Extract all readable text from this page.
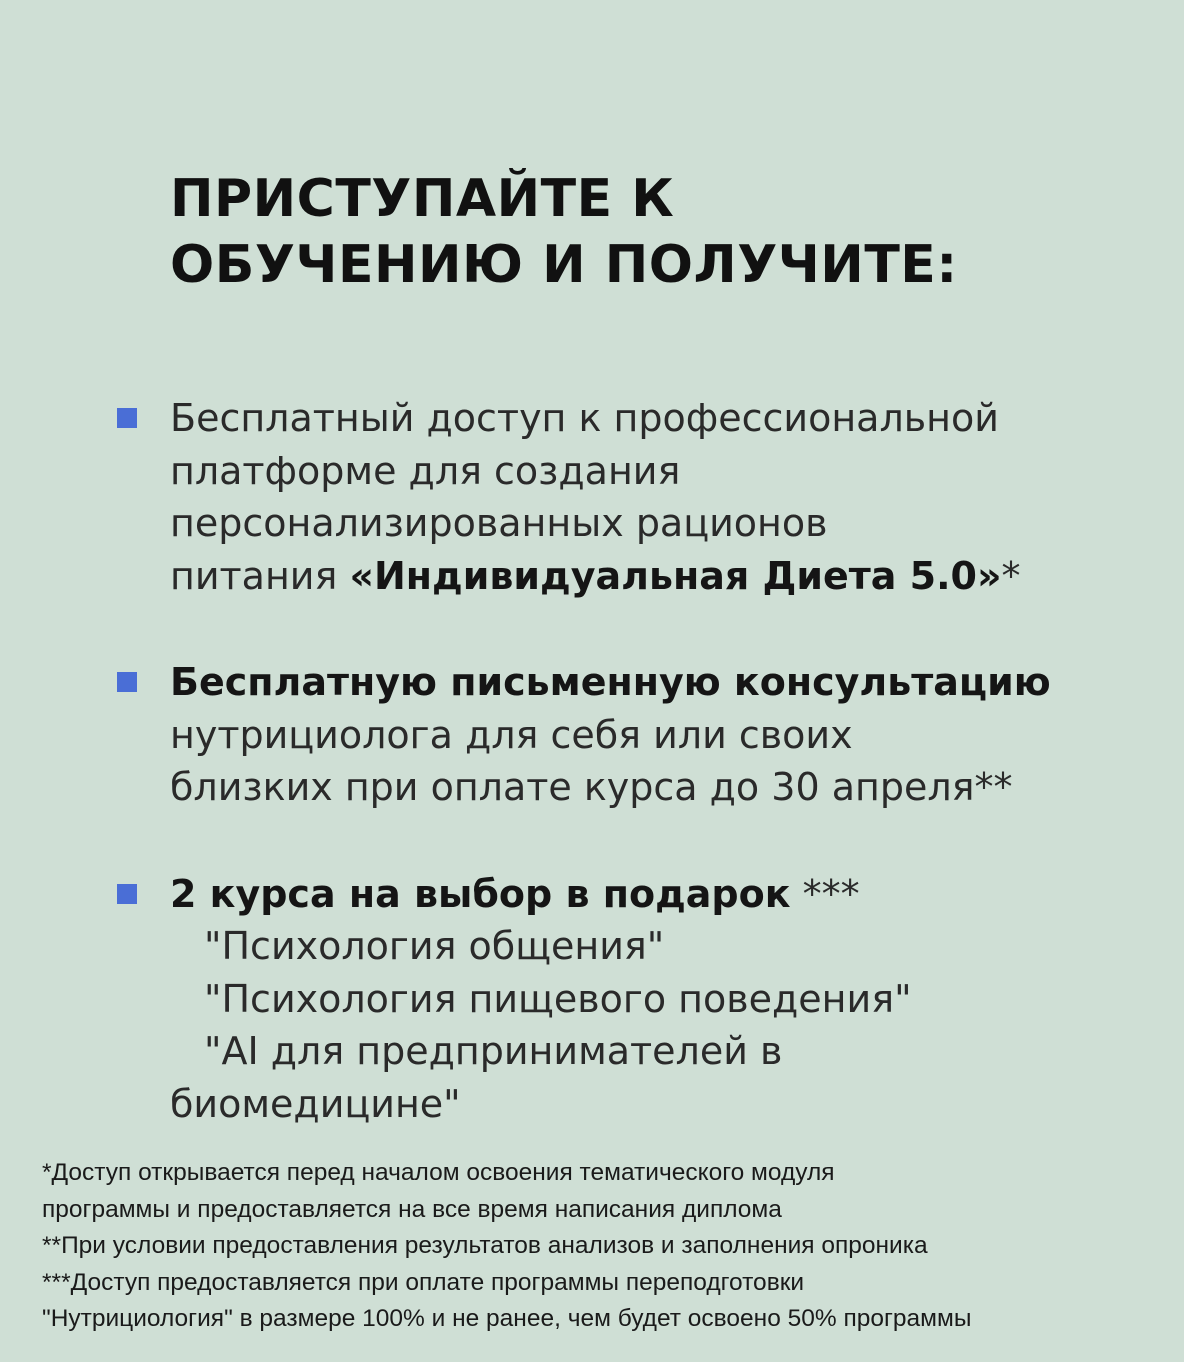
ПРИСТУПАЙТЕ К
ОБУЧЕНИЮ И ПОЛУЧИТЕ:
Бесплатный доступ к профессиональной
платформе для создания
персонализированных рационов
питания «Индивидуальная Диета 5.0»*
Бесплатную письменную консультацию
нутрициолога для себя или своих
близких при оплате курса до 30 апреля**
2 курса на выбор в подарок ***
"Психология общения"
"Психология пищевого поведения"
"AI для предпринимателей в
биомедицине"
*Доступ открывается перед началом освоения тематического модуля
программы и предоставляется на все время написания диплома
**При условии предоставления результатов анализов и заполнения опроника
***Доступ предоставляется при оплате программы переподготовки
"Нутрициология" в размере 100% и не ранее, чем будет освоено 50% программы
